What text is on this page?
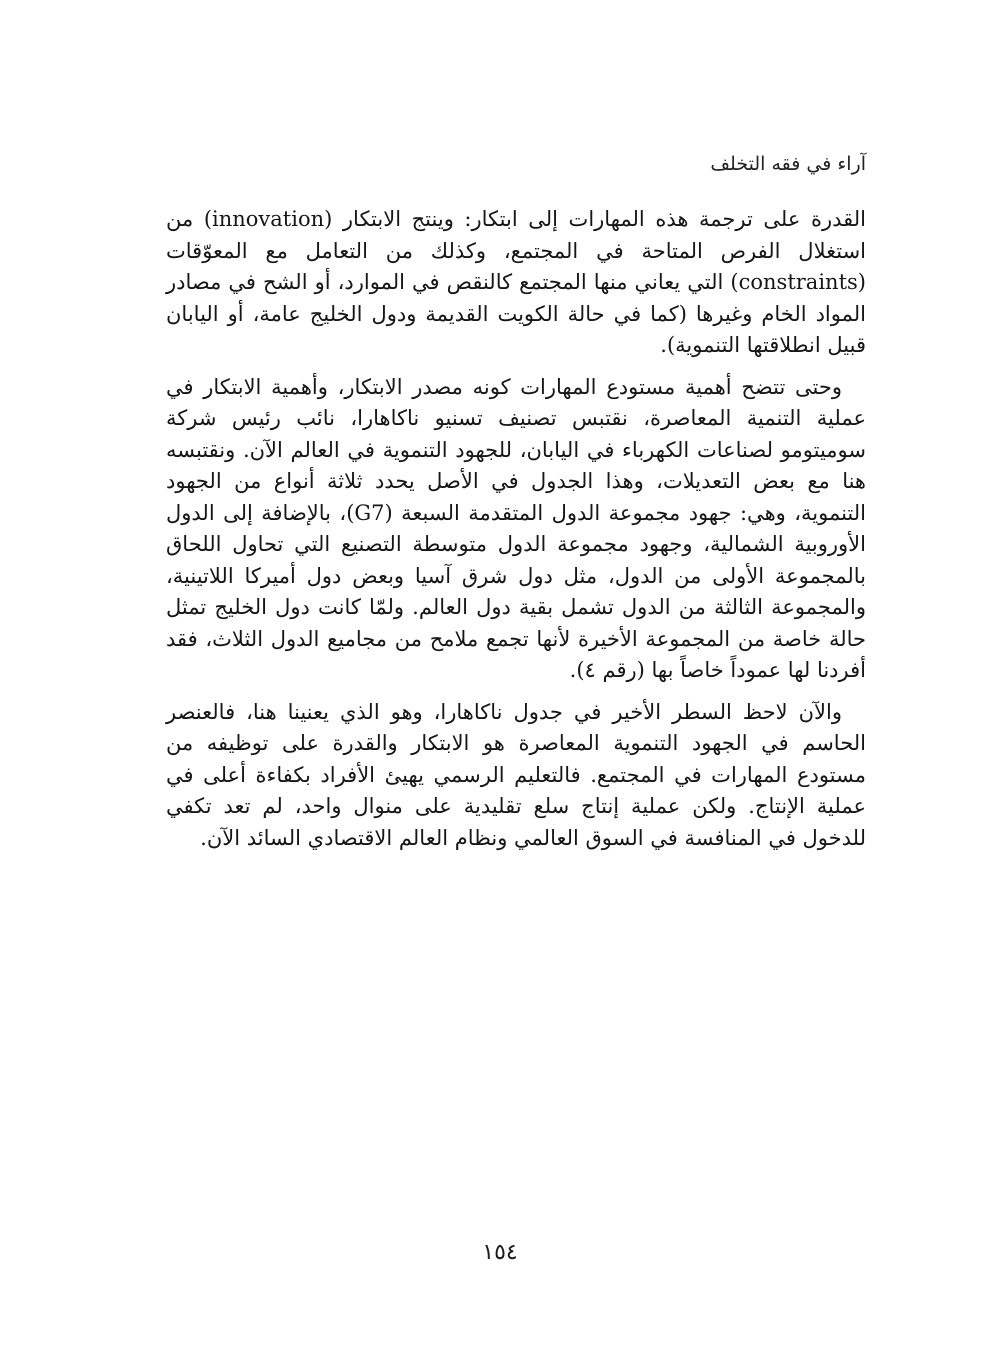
آراء في فقه التخلف

القدرة على ترجمة هذه المهارات إلى ابتكار: وينتج الابتكار (innovation) من استغلال الفرص المتاحة في المجتمع، وكذلك من التعامل مع المعوّقات (constraints) التي يعاني منها المجتمع كالنقص في الموارد، أو الشح في مصادر المواد الخام وغيرها (كما في حالة الكويت القديمة ودول الخليج عامة، أو اليابان قبيل انطلاقتها التنموية).

وحتى تتضح أهمية مستودع المهارات كونه مصدر الابتكار، وأهمية الابتكار في عملية التنمية المعاصرة، نقتبس تصنيف تسنيو ناكاهارا، نائب رئيس شركة سوميتومو لصناعات الكهرباء في اليابان، للجهود التنموية في العالم الآن. ونقتبسه هنا مع بعض التعديلات، وهذا الجدول في الأصل يحدد ثلاثة أنواع من الجهود التنموية، وهي: جهود مجموعة الدول المتقدمة السبعة (G7)، بالإضافة إلى الدول الأوروبية الشمالية، وجهود مجموعة الدول متوسطة التصنيع التي تحاول اللحاق بالمجموعة الأولى من الدول، مثل دول شرق آسيا وبعض دول أميركا اللاتينية، والمجموعة الثالثة من الدول تشمل بقية دول العالم. ولمّا كانت دول الخليج تمثل حالة خاصة من المجموعة الأخيرة لأنها تجمع ملامح من مجاميع الدول الثلاث، فقد أفردنا لها عموداً خاصاً بها (رقم ٤).

والآن لاحظ السطر الأخير في جدول ناكاهارا، وهو الذي يعنينا هنا، فالعنصر الحاسم في الجهود التنموية المعاصرة هو الابتكار والقدرة على توظيفه من مستودع المهارات في المجتمع. فالتعليم الرسمي يهيئ الأفراد بكفاءة أعلى في عملية الإنتاج. ولكن عملية إنتاج سلع تقليدية على منوال واحد، لم تعد تكفي للدخول في المنافسة في السوق العالمي ونظام العالم الاقتصادي السائد الآن.

١٥٤
